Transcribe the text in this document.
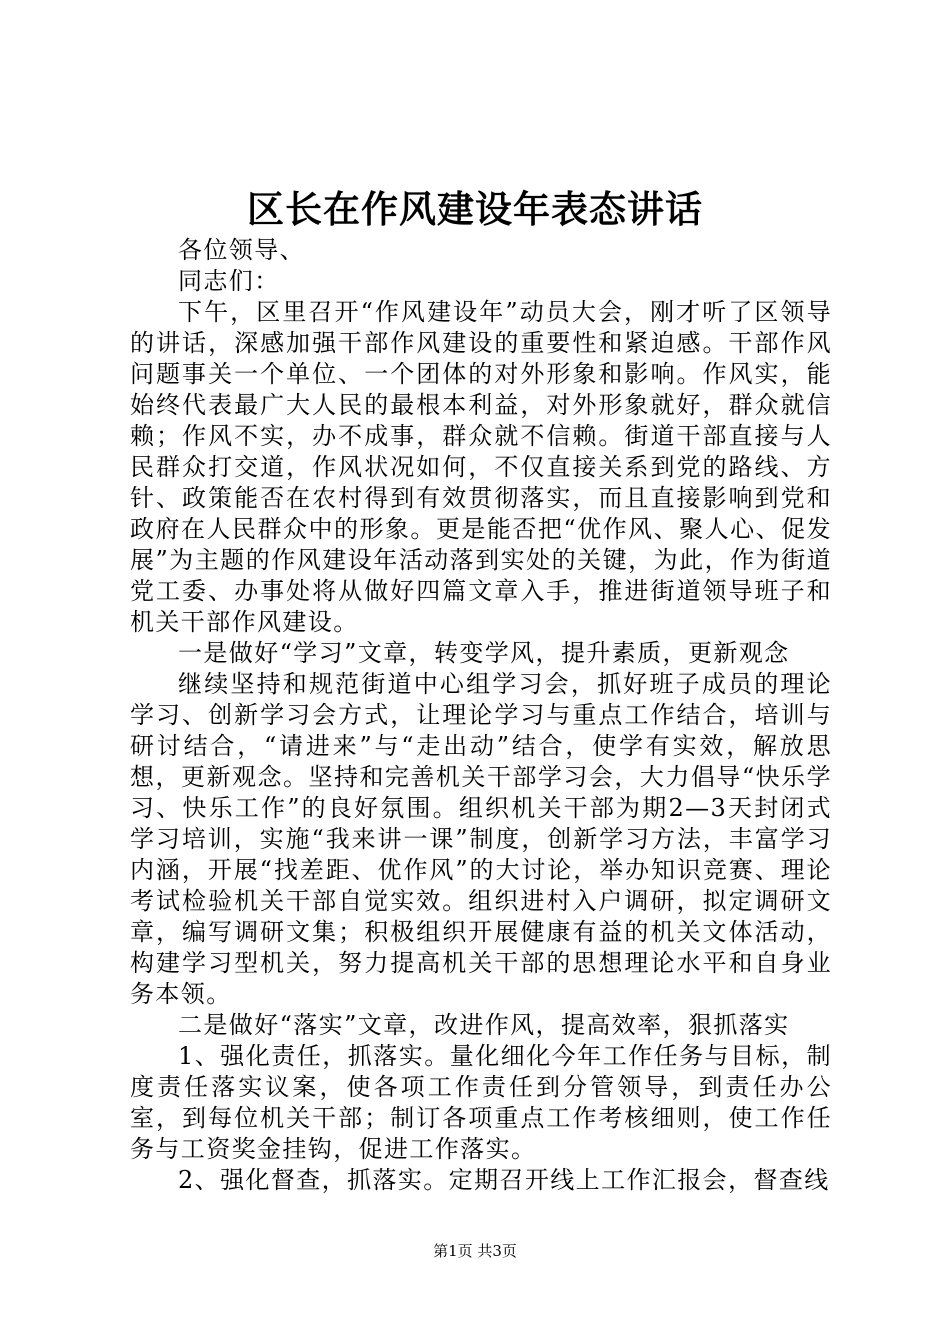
区长在作风建设年表态讲话

各位领导、

同志们：

下午，区里召开“作风建设年”动员大会，刚才听了区领导的讲话，深感加强干部作风建设的重要性和紧迫感。干部作风问题事关一个单位、一个团体的对外形象和影响。作风实，能始终代表最广大人民的最根本利益，对外形象就好，群众就信赖；作风不实，办不成事，群众就不信赖。街道干部直接与人民群众打交道，作风状况如何，不仅直接关系到党的路线、方针、政策能否在农村得到有效贯彻落实，而且直接影响到党和政府在人民群众中的形象。更是能否把“优作风、聚人心、促发展”为主题的作风建设年活动落到实处的关键，为此，作为街道党工委、办事处将从做好四篇文章入手，推进街道领导班子和机关干部作风建设。

一是做好“学习”文章，转变学风，提升素质，更新观念

继续坚持和规范街道中心组学习会，抓好班子成员的理论学习、创新学习会方式，让理论学习与重点工作结合，培训与研讨结合，“请进来”与“走出动”结合，使学有实效，解放思想，更新观念。坚持和完善机关干部学习会，大力倡导“快乐学习、快乐工作”的良好氛围。组织机关干部为期2—3天封闭式学习培训，实施“我来讲一课”制度，创新学习方法，丰富学习内涵，开展“找差距、优作风”的大讨论，举办知识竞赛、理论考试检验机关干部自觉实效。组织进村入户调研，拟定调研文章，编写调研文集；积极组织开展健康有益的机关文体活动，构建学习型机关，努力提高机关干部的思想理论水平和自身业务本领。

二是做好“落实”文章，改进作风，提高效率，狠抓落实

1、强化责任，抓落实。量化细化今年工作任务与目标，制度责任落实议案，使各项工作责任到分管领导，到责任办公室，到每位机关干部；制订各项重点工作考核细则，使工作任务与工资奖金挂钩，促进工作落实。

2、强化督查，抓落实。定期召开线上工作汇报会，督查线

第1页 共3页
